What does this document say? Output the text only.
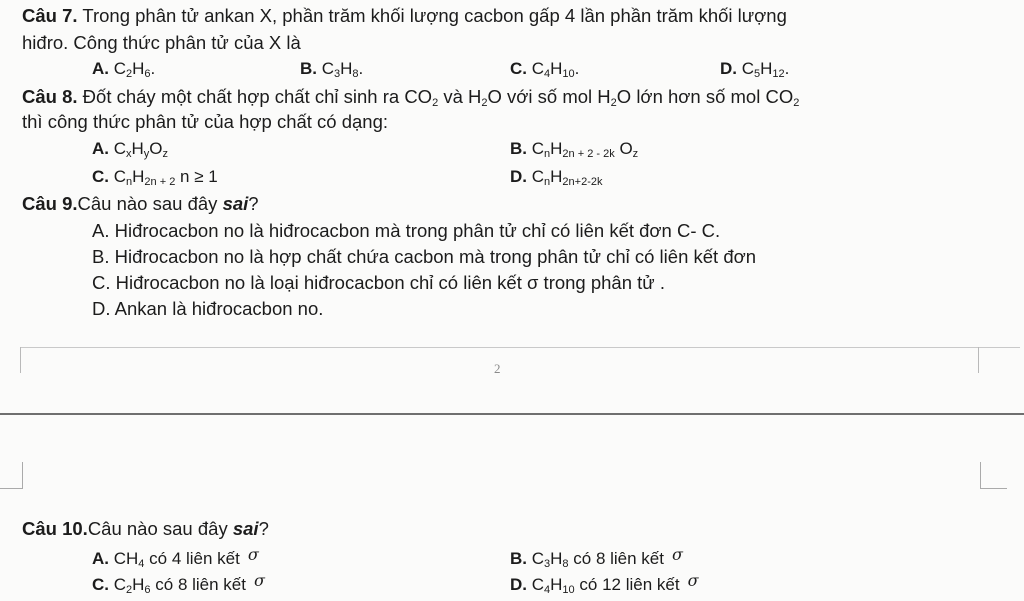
Câu 7. Trong phân tử ankan X, phần trăm khối lượng cacbon gấp 4 lần phần trăm khối lượng
hiđro. Công thức phân tử của X là
A. $C_2H_6$.	B. $C_3H_8$.	C. $C_4H_{10}$.	D. $C_5H_{12}$.
Câu 8. Đốt cháy một chất hợp chất chỉ sinh ra $CO_2$ và $H_2O$ với số mol $H_2O$ lớn hơn số mol $CO_2$
thì công thức phân tử của hợp chất có dạng:
A. $C_xH_yO_z$	B. $C_nH_{2n + 2 - 2k}$ $O_z$
C. $C_nH_{2n + 2}$ n ≥ 1	D. $C_nH_{2n+2-2k}$
Câu 9.Câu nào sau đây sai?
A. Hiđrocacbon no là hiđrocacbon mà trong phân tử chỉ có liên kết đơn C- C.
B. Hiđrocacbon no là hợp chất chứa cacbon mà trong phân tử chỉ có liên kết đơn
C. Hiđrocacbon no là loại hiđrocacbon chỉ có liên kết σ trong phân tử .
D. Ankan là hiđrocacbon no.
2
Câu 10.Câu nào sau đây sai?
A. $CH_4$ có 4 liên kết σ	B. $C_3H_8$ có 8 liên kết σ
C. $C_2H_6$ có 8 liên kết σ	D. $C_4H_{10}$ có 12 liên kết σ
